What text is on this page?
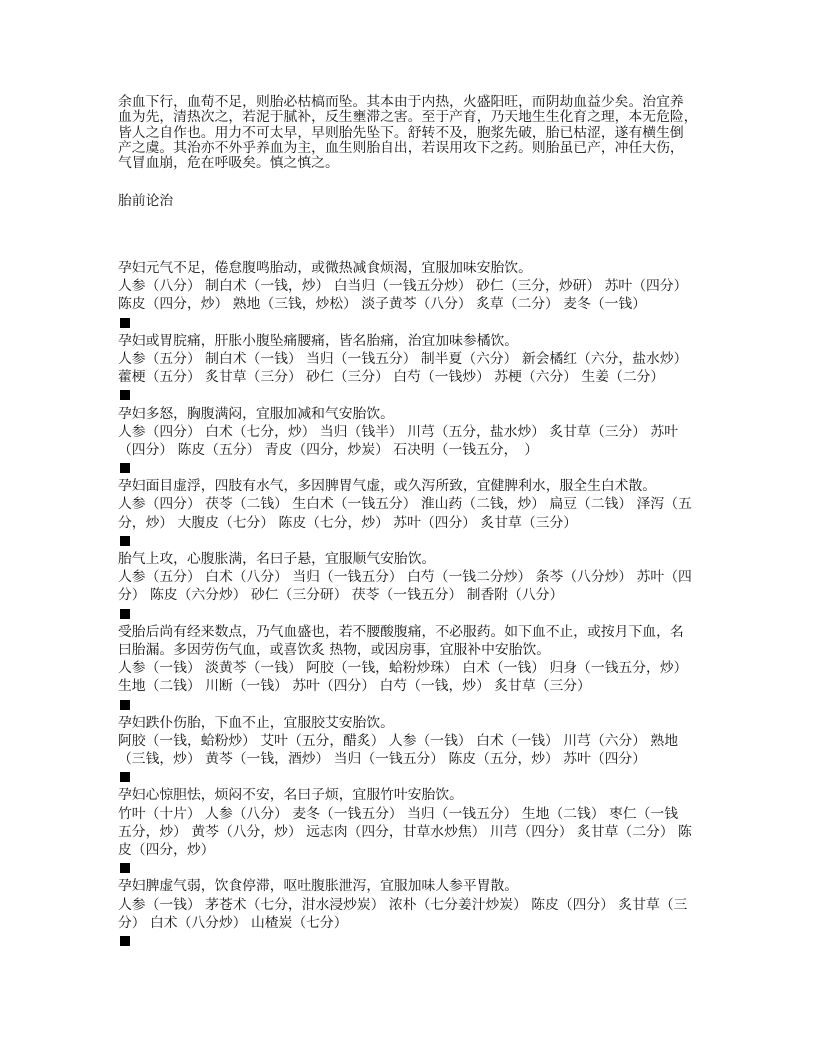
余血下行，血荀不足，则胎必枯槁而坠。其本由于内热，火盛阳旺，而阴劫血益少矣。治宜养
血为先，清热次之，若泥于腻补，反生壅滞之害。至于产育，乃天地生生化育之理，本无危险，
皆人之自作也。用力不可太早，早则胎先坠下。舒转不及，胞浆先破，胎已枯涩，遂有横生倒
产之虞。其治亦不外乎养血为主，血生则胎自出，若误用攻下之药。则胎虽已产，冲任大伤，
气冒血崩，危在呼吸矣。慎之慎之。
胎前论治
孕妇元气不足，倦怠腹鸣胎动，或微热减食烦渴，宜服加味安胎饮。
人参（八分） 制白术（一钱，炒） 白当归（一钱五分炒） 砂仁（三分，炒研） 苏叶（四分）
陈皮（四分，炒） 熟地（三钱，炒松） 淡子黄芩（八分） 炙草（二分） 麦冬（一钱）
孕妇或胃脘痛，肝胀小腹坠痛腰痛，皆名胎痛，治宜加味参橘饮。
人参（五分） 制白术（一钱） 当归（一钱五分） 制半夏（六分） 新会橘红（六分，盐水炒）
藿梗（五分） 炙甘草（三分） 砂仁（三分） 白芍（一钱炒） 苏梗（六分） 生姜（二分）
孕妇多怒，胸腹满闷，宜服加减和气安胎饮。
人参（四分） 白术（七分，炒） 当归（钱半） 川芎（五分，盐水炒） 炙甘草（三分） 苏叶
（四分） 陈皮（五分） 青皮（四分，炒炭） 石决明（一钱五分，　）
孕妇面目虚浮，四肢有水气，多因脾胃气虚，或久泻所致，宜健脾利水，服全生白术散。
人参（四分） 茯苓（二钱） 生白术（一钱五分） 淮山药（二钱，炒） 扁豆（二钱） 泽泻（五
分，炒） 大腹皮（七分） 陈皮（七分，炒） 苏叶（四分） 炙甘草（三分）
胎气上攻，心腹胀满，名曰子悬，宜服顺气安胎饮。
人参（五分） 白术（八分） 当归（一钱五分） 白芍（一钱二分炒） 条芩（八分炒） 苏叶（四
分） 陈皮（六分炒） 砂仁（三分研） 茯苓（一钱五分） 制香附（八分）
受胎后尚有经来数点，乃气血盛也，若不腰酸腹痛，不必服药。如下血不止，或按月下血，名
曰胎漏。多因劳伤气血，或喜饮炙 热物，或因房事，宜服补中安胎饮。
人参（一钱） 淡黄芩（一钱） 阿胶（一钱，蛤粉炒珠） 白术（一钱） 归身（一钱五分，炒）
生地（二钱） 川断（一钱） 苏叶（四分） 白芍（一钱，炒） 炙甘草（三分）
孕妇跌仆伤胎，下血不止，宜服胶艾安胎饮。
阿胶（一钱，蛤粉炒） 艾叶（五分，醋炙） 人参（一钱） 白术（一钱） 川芎（六分） 熟地
（三钱，炒） 黄芩（一钱，酒炒） 当归（一钱五分） 陈皮（五分，炒） 苏叶（四分）
孕妇心惊胆怯，烦闷不安，名曰子烦，宜服竹叶安胎饮。
竹叶（十片） 人参（八分） 麦冬（一钱五分） 当归（一钱五分） 生地（二钱） 枣仁（一钱
五分，炒） 黄芩（八分，炒） 远志肉（四分，甘草水炒焦） 川芎（四分） 炙甘草（二分） 陈
皮（四分，炒）
孕妇脾虚气弱，饮食停滞，呕吐腹胀泄泻，宜服加味人参平胃散。
人参（一钱） 茅苍术（七分，泔水浸炒炭） 浓朴（七分姜汁炒炭） 陈皮（四分） 炙甘草（三
分） 白术（八分炒） 山楂炭（七分）
